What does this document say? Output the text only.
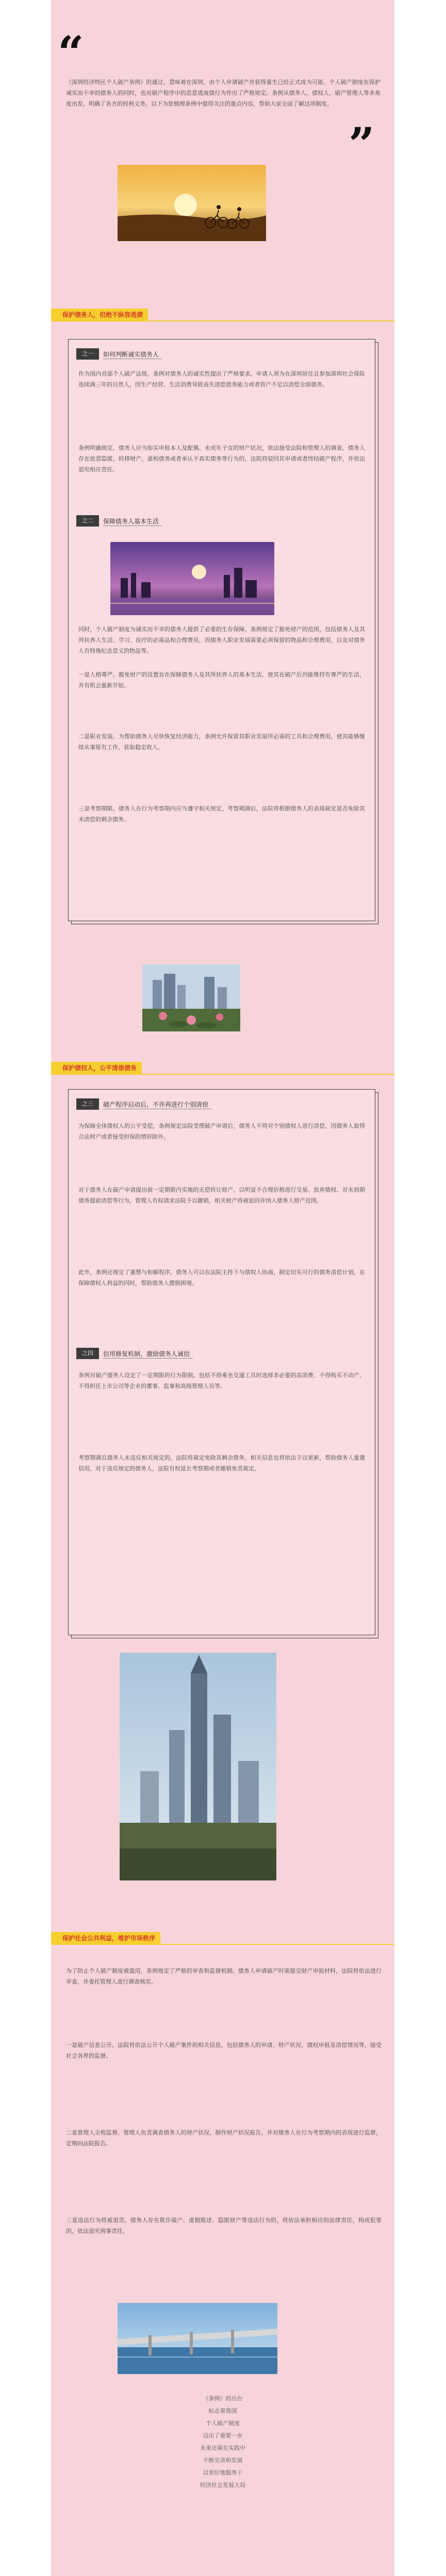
“

《深圳经济特区个人破产条例》的通过，意味着在深圳，由个人申请破产并获得重生已经正式成为可能。个人破产制度在保护诚实而不幸的债务人的同时，也对破产程序中的恶意逃废债行为作出了严格规定。条例从债务人、债权人、破产管理人等多角度出发，明确了各方的权利义务。以下为您梳理条例中值得关注的重点内容，帮助大家全面了解这项制度。

”
保护债务人，但绝不纵容逃债
之一	如何判断诚实债务人

作为国内首部个人破产法规，条例对债务人的诚实性提出了严格要求。申请人须为在深圳居住且参加深圳社会保险连续满三年的自然人，因生产经营、生活消费导致丧失清偿债务能力或者资产不足以清偿全部债务。

条例明确规定，债务人应当如实申报本人及配偶、未成年子女的财产状况，依法接受法院和管理人的调查。债务人存在故意隐匿、转移财产，虚构债务或者承认不真实债务等行为的，法院将驳回其申请或者终结破产程序，并依法追究相应责任。

之二	保障债务人基本生活

同时，个人破产制度为诚实而不幸的债务人提供了必要的生存保障。条例规定了豁免财产的范围，包括债务人及其所扶养人生活、学习、医疗的必需品和合理费用，因债务人职业发展需要必须保留的物品和合理费用，以及对债务人有特殊纪念意义的物品等。

一是人格尊严。豁免财产的设置旨在保障债务人及其所扶养人的基本生活，使其在破产后仍能维持有尊严的生活，并有机会重新开始。

二是职业发展。为帮助债务人尽快恢复经济能力，条例允许保留其职业发展所必需的工具和合理费用，使其能够继续从事原有工作，获取稳定收入。

三是考察期限。债务人在行为考察期内应当遵守相关规定，考察期满后，法院将根据债务人的表现裁定是否免除其未清偿的剩余债务。

保护债权人，公平清偿债务
之三	破产程序启动后，不许再进行个别清偿

为保障全体债权人的公平受偿，条例规定法院受理破产申请后，债务人不得对个别债权人进行清偿，因债务人取得合法财产或者接受担保的情形除外。

对于债务人在破产申请提出前一定期限内实施的无偿转让财产、以明显不合理价格进行交易、放弃债权、对未到期债务提前清偿等行为，管理人有权请求法院予以撤销，相关财产将被追回并纳入债务人财产范围。

此外，条例还规定了重整与和解程序，债务人可以在法院主持下与债权人协商，制定切实可行的债务清偿计划，在保障债权人利益的同时，帮助债务人摆脱困境。

之四	信用修复机制，激励债务人诚信

条例对破产债务人设定了一定期限的行为限制，包括不得乘坐交通工具时选择非必要的高消费、不得购买不动产、不得担任上市公司等企业的董事、监事和高级管理人员等。

考察期满且债务人未违反相关规定的，法院将裁定免除其剩余债务，相关信息也将依法予以更新，帮助债务人重建信用。对于违反规定的债务人，法院有权延长考察期或者撤销免责裁定。

保护社会公共利益，维护市场秩序

为了防止个人破产制度被滥用，条例规定了严格的审查和监督机制。债务人申请破产时需提交财产申报材料，法院将依法进行审查，并委托管理人进行调查核实。

一是破产信息公开。法院将依法公开个人破产案件的相关信息，包括债务人的申请、财产状况、债权申报及清偿情况等，接受社会各界的监督。

二是管理人全程监督。管理人负责调查债务人的财产状况，制作财产状况报告，并对债务人在行为考察期内的表现进行监督，定期向法院报告。

三是违法行为将被追责。债务人存在欺诈破产、虚假陈述、隐匿财产等违法行为的，将依法承担相应的法律责任，构成犯罪的，依法追究刑事责任。

《条例》的出台

标志着我国

个人破产制度

迈出了重要一步

未来还需在实践中

不断完善和发展

以更好地服务于

经济社会发展大局
